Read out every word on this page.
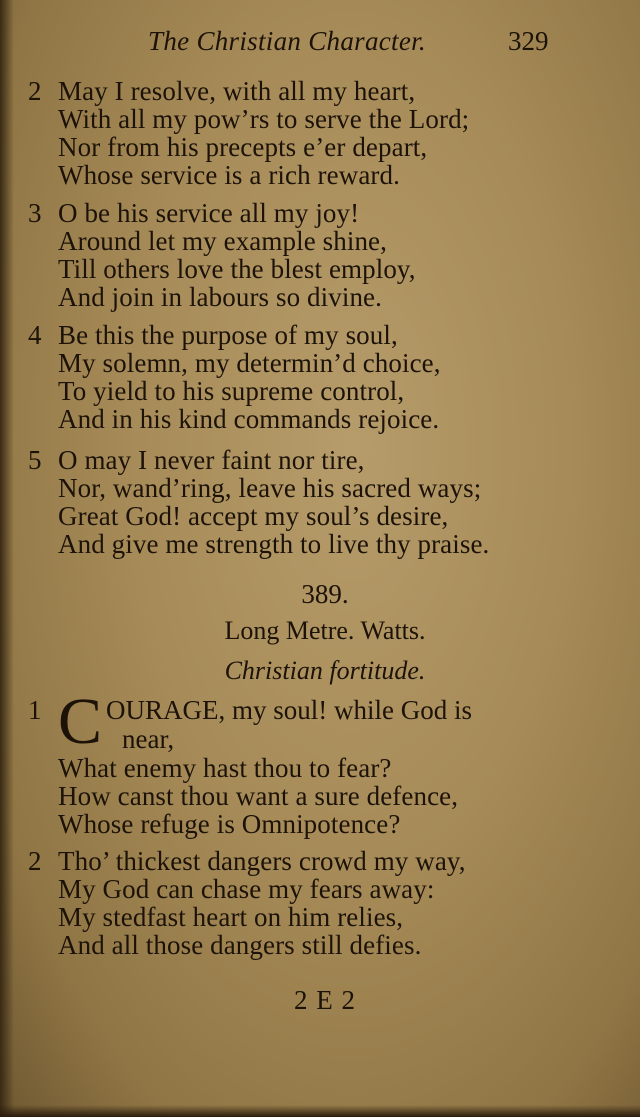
The Christian Character.	329
2 May I resolve, with all my heart,
With all my pow’rs to serve the Lord;
Nor from his precepts e’er depart,
Whose service is a rich reward.
3 O be his service all my joy!
Around let my example shine,
Till others love the blest employ,
And join in labours so divine.
4 Be this the purpose of my soul,
My solemn, my determin’d choice,
To yield to his supreme control,
And in his kind commands rejoice.
5 O may I never faint nor tire,
Nor, wand’ring, leave his sacred ways;
Great God! accept my soul’s desire,
And give me strength to live thy praise.
389.
Long Metre. Watts.
Christian fortitude.
1 C OURAGE, my soul! while God is
near,
What enemy hast thou to fear?
How canst thou want a sure defence,
Whose refuge is Omnipotence?
2 Tho’ thickest dangers crowd my way,
My God can chase my fears away:
My stedfast heart on him relies,
And all those dangers still defies.
2 E 2
